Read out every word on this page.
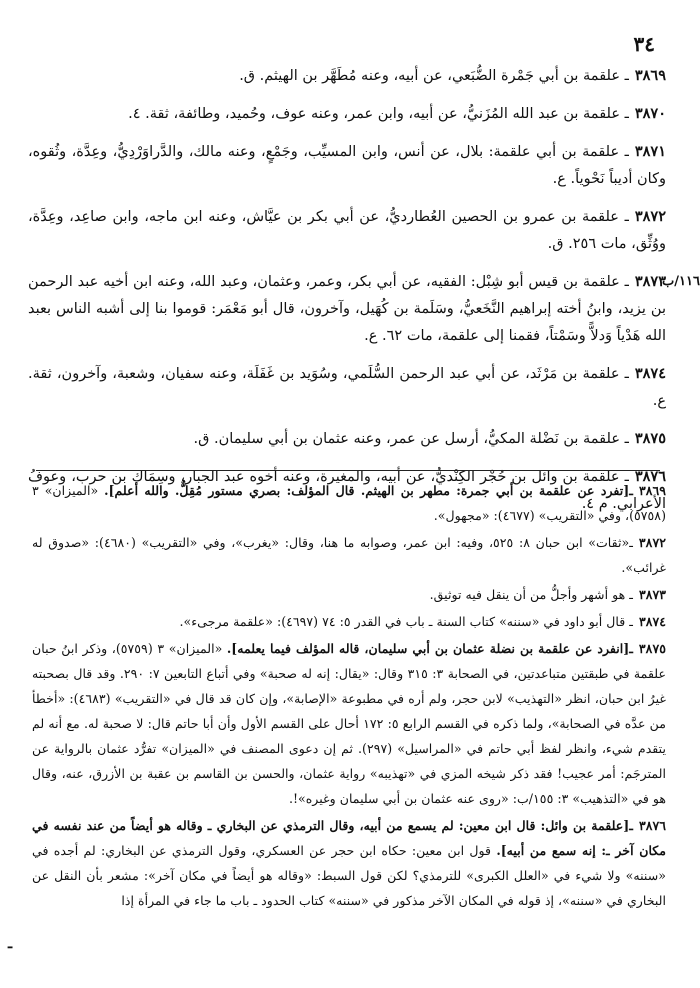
٣٤

٣٨٦٩ـ علقمة بن أبي جَمْرة الضُّبَعي، عن أبيه، وعنه مُطَهَّر بن الهيثم. ق.

٣٨٧٠ـ علقمة بن عبد الله المُزَنيُّ، عن أبيه، وابن عمر، وعنه عوف، وحُميد، وطائفة، ثقة. ٤.

٣٨٧١ـ علقمة بن أبي علقمة: بلال، عن أنس، وابن المسيِّب، وجَمْعٍ، وعنه مالك، والدَّراوَرْدِيُّ، وعِدَّة، وثُقوه، وكان أديباً نَحْوياً. ع.

٣٨٧٢ـ علقمة بن عمرو بن الحصين العُطارديُّ، عن أبي بكر بن عيَّاش، وعنه ابن ماجه، وابن صاعِد، وعِدَّة، ووُثِّق، مات ٢٥٦. ق.

١١٦/ب
٣٨٧٣ـ علقمة بن قيس أبو شِبْل: الفقيه، عن أبي بكر، وعمر، وعثمان، وعبد الله، وعنه ابن أخيه عبد الرحمن بن يزيد، وابنُ أخته إبراهيم النَّخَعيُّ، وسَلَمة بن كُهَيل، وآخرون، قال أبو مَعْمَر: قوموا بنا إلى أشبه الناس بعبد الله هَدْياً وَدلاًّ وسَمْتاً، فقمنا إلى علقمة، مات ٦٢. ع.

٣٨٧٤ـ علقمة بن مَرْثَد، عن أبي عبد الرحمن السُّلَمي، وسُوَيد بن غَفَلَة، وعنه سفيان، وشعبة، وآخرون، ثقة. ع.

٣٨٧٥ـ علقمة بن نَضْلة المكيُّ، أرسل عن عمر، وعنه عثمان بن أبي سليمان. ق.

٣٨٧٦ـ علقمة بن وائل بن حُجْر الكِنْديُّ، عن أبيه، والمغيرة، وعنه أخوه عبد الجبار، وسِمَاك بن حرب، وعوفُ الأعرابي. م ٤.

٣٨٦٩ـ[تفرد عن علقمة بن أبي جمرة: مطهر بن الهيثم. قال المؤلف: بصري مستور مُقِلٌّ. والله أعلم]. «الميزان» ٣ (٥٧٥٨)، وفي «التقريب» (٤٦٧٧): «مجهول».

٣٨٧٢ـ«ثقات» ابن حبان ٨: ٥٢٥، وفيه: ابن عمر، وصوابه ما هنا، وقال: «يغرب»، وفي «التقريب» (٤٦٨٠): «صدوق له غرائب».

٣٨٧٣ـ هو أشهر وأجلُّ من أن ينقل فيه توثيق.

٣٨٧٤ـ قال أبو داود في «سننه» كتاب السنة ـ باب في القدر ٥: ٧٤ (٤٦٩٧): «علقمة مرجىء».

٣٨٧٥ـ[انفرد عن علقمة بن نضلة عثمان بن أبي سليمان، قاله المؤلف فيما يعلمه]. «الميزان» ٣ (٥٧٥٩)، وذكر ابنُ حبان علقمة في طبقتين متباعدتين، في الصحابة ٣: ٣١٥ وقال: «يقال: إنه له صحبة» وفي أتباع التابعين ٧: ٢٩٠. وقد قال بصحبته غيرُ ابن حبان، انظر «التهذيب» لابن حجر، ولم أره في مطبوعة «الإصابة»، وإن كان قد قال في «التقريب» (٤٦٨٣): «أخطأ من عدَّه في الصحابة»، ولما ذكره في القسم الرابع ٥: ١٧٢ أحال على القسم الأول وأن أبا حاتم قال: لا صحبة له. مع أنه لم يتقدم شيء، وانظر لفظ أبي حاتم في «المراسيل» (٢٩٧). ثم إن دعوى المصنف في «الميزان» تفرُّد عثمان بالرواية عن المترجَم: أمر عجيب! فقد ذكر شيخه المزي في «تهذيبه» رواية عثمان، والحسن بن القاسم بن عقبة بن الأزرق، عنه، وقال هو في «التذهيب» ٣: ١٥٥/ب: «روى عنه عثمان بن أبي سليمان وغيره»!.

٣٨٧٦ـ[علقمة بن وائل: قال ابن معين: لم يسمع من أبيه، وقال الترمذي عن البخاري ـ وقاله هو أيضاً من عند نفسه في مكان آخر ـ: إنه سمع من أبيه]. قول ابن معين: حكاه ابن حجر عن العسكري، وقول الترمذي عن البخاري: لم أجده في «سننه» ولا شيء في «العلل الكبرى» للترمذي؟ لكن قول السبط: «وقاله هو أيضاً في مكان آخر»: مشعر بأن النقل عن البخاري في «سننه»، إذ قوله في المكان الآخر مذكور في «سننه» كتاب الحدود ـ باب ما جاء في المرأة إذا

ـ
